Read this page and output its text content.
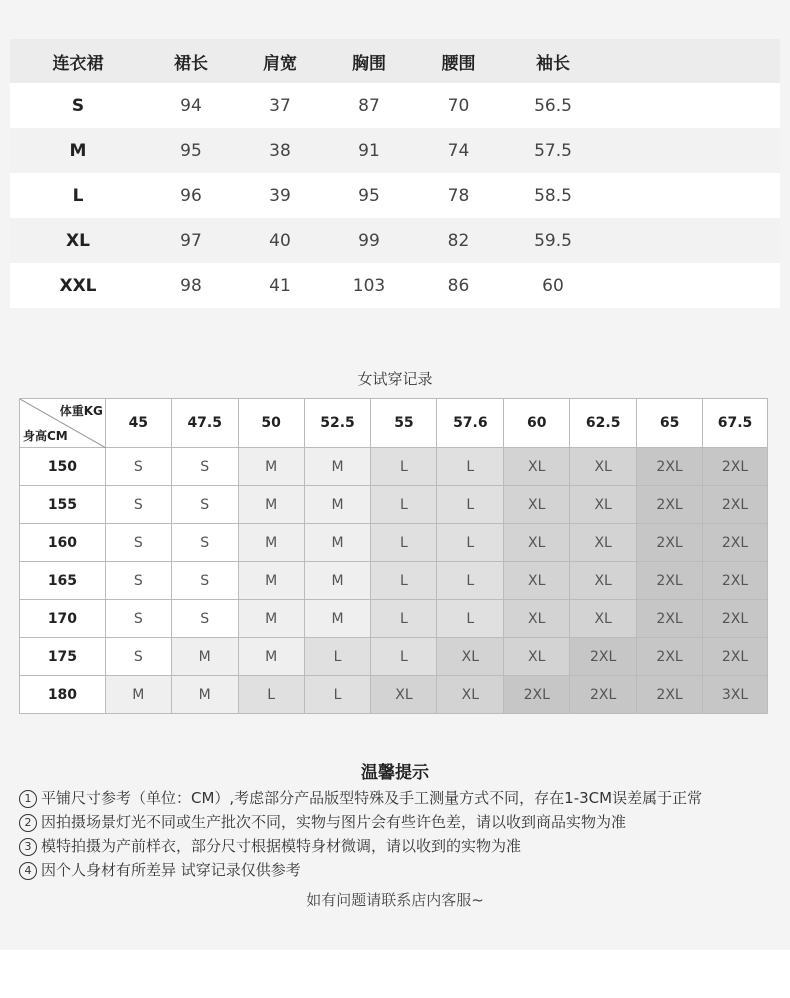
连衣裙	裙长	肩宽	胸围	腰围	袖长	
S	94	37	87	70	56.5	
M	95	38	91	74	57.5	
L	96	39	95	78	58.5	
XL	97	40	99	82	59.5	
XXL	98	41	103	86	60	
女试穿记录
体重KG
身高CM	45	47.5	50	52.5	55	57.6	60	62.5	65	67.5
150	S	S	M	M	L	L	XL	XL	2XL	2XL
155	S	S	M	M	L	L	XL	XL	2XL	2XL
160	S	S	M	M	L	L	XL	XL	2XL	2XL
165	S	S	M	M	L	L	XL	XL	2XL	2XL
170	S	S	M	M	L	L	XL	XL	2XL	2XL
175	S	M	M	L	L	XL	XL	2XL	2XL	2XL
180	M	M	L	L	XL	XL	2XL	2XL	2XL	3XL
温馨提示
1 平铺尺寸参考（单位：CM）,考虑部分产品版型特殊及手工测量方式不同，存在1-3CM误差属于正常
2 因拍摄场景灯光不同或生产批次不同，实物与图片会有些许色差，请以收到商品实物为准
3 模特拍摄为产前样衣，部分尺寸根据模特身材微调，请以收到的实物为准
4 因个人身材有所差异 试穿记录仅供参考
如有问题请联系店内客服~
